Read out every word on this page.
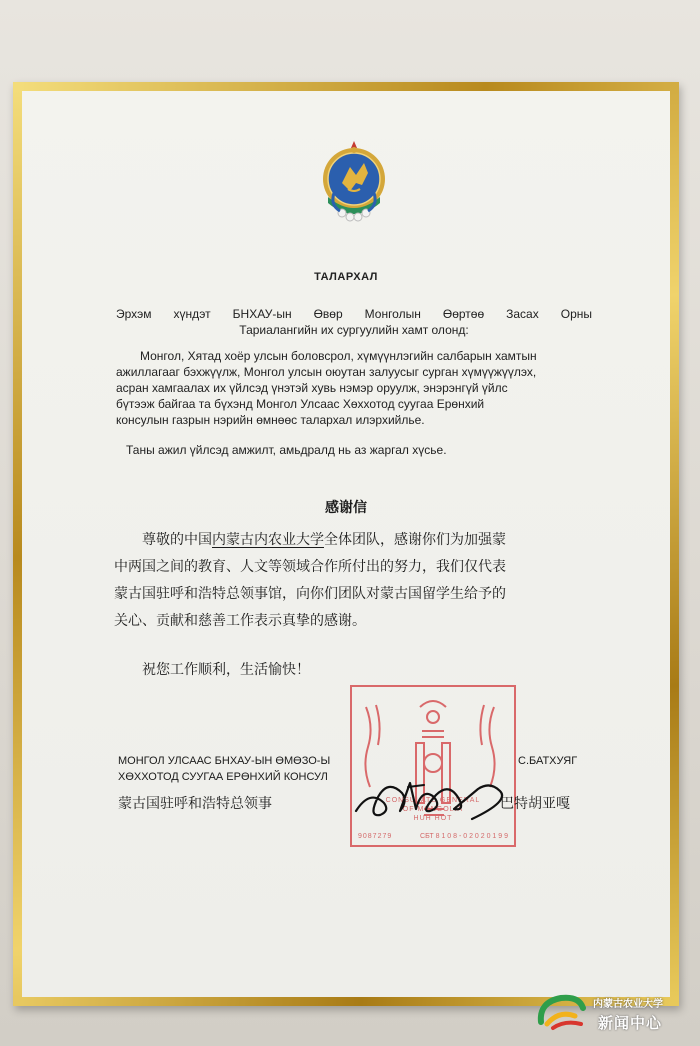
ТАЛАРХАЛ
Эрхэм хүндэт БНХАУ-ын Өвөр Монголын Өөртөө Засах Орны
Тариалангийн их сургуулийн хамт олонд:
Монгол, Хятад хоёр улсын боловсрол, хүмүүнлэгийн салбарын хамтын
ажиллагааг бэхжүүлж, Монгол улсын оюутан залуусыг сурган хүмүүжүүлэх,
асран хамгаалах их үйлсэд үнэтэй хувь нэмэр оруулж, энэрэнгүй үйлс
бүтээж байгаа та бүхэнд Монгол Улсаас Хөххотод суугаа Ерөнхий
консулын газрын нэрийн өмнөөс талархал илэрхийлье.
Таны ажил үйлсэд амжилт, амьдралд нь аз жаргал хүсье.
感谢信
尊敬的中国内蒙古内农业大学全体团队，感谢你们为加强蒙
中两国之间的教育、人文等领域合作所付出的努力，我们仅代表
蒙古国驻呼和浩特总领事馆，向你们团队对蒙古国留学生给予的
关心、贡献和慈善工作表示真挚的感谢。
祝您工作顺利，生活愉快！
CONSULATE GENERAL
OF MONGOLIA
HUH HOT
9087279	СБТ 8 1 0 8 - 0 2 0 2 0 1 9 9
МОНГОЛ УЛСААС БНХАУ-ЫН ӨМӨЗО-Ы
ХӨХХОТОД СУУГАА ЕРӨНХИЙ КОНСУЛ
С.БАТХУЯГ
蒙古国驻呼和浩特总领事	巴特胡亚嘎
内蒙古农业大学
新闻中心
